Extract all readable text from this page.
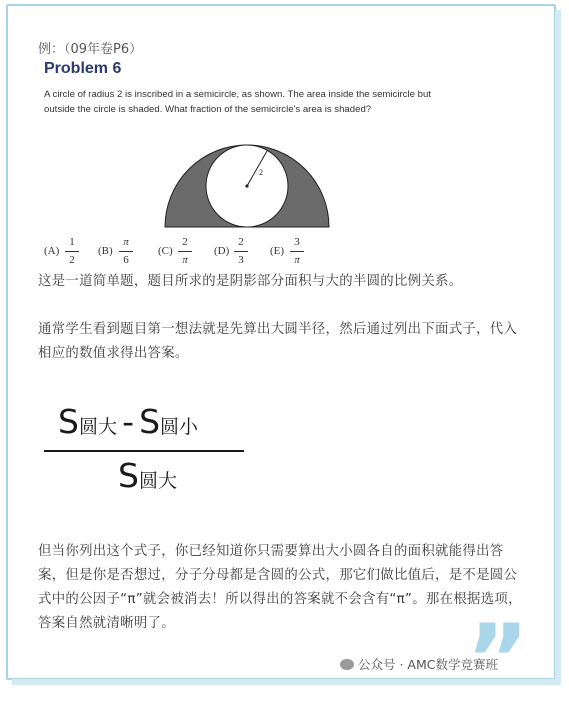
例：（09年卷P6）
Problem 6
A circle of radius 2 is inscribed in a semicircle, as shown. The area inside the semicircle but outside the circle is shaded. What fraction of the semicircle's area is shaded?
2
(A)
1
2
(B)
π
6
(C)
2
π
(D)
2
3
(E)
3
π
这是一道简单题，题目所求的是阴影部分面积与大的半圆的比例关系。
通常学生看到题目第一想法就是先算出大圆半径，然后通过列出下面式子，代入相应的数值求得出答案。
S圆大 - S圆小
S圆大
但当你列出这个式子，你已经知道你只需要算出大小圆各自的面积就能得出答案，但是你是否想过，分子分母都是含圆的公式，那它们做比值后，是不是圆公式中的公因子“π”就会被消去！所以得出的答案就不会含有“π”。那在根据选项，答案自然就清晰明了。	”
公众号 · AMC数学竞赛班
